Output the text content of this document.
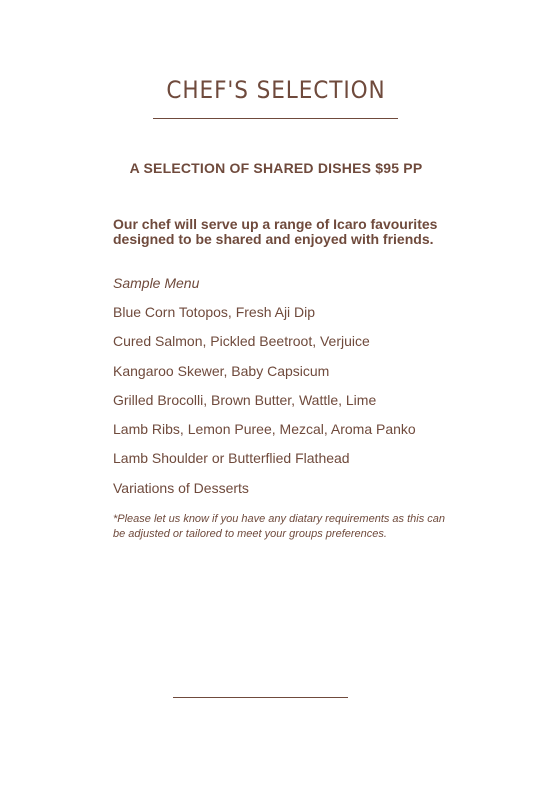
CHEF'S SELECTION
A SELECTION OF SHARED DISHES $95 PP

Our chef will serve up a range of Icaro favourites designed to be shared and enjoyed with friends.

Sample Menu

Blue Corn Totopos, Fresh Aji Dip
Cured Salmon, Pickled Beetroot, Verjuice
Kangaroo Skewer, Baby Capsicum
Grilled Brocolli, Brown Butter, Wattle, Lime
Lamb Ribs, Lemon Puree, Mezcal, Aroma Panko
Lamb Shoulder or Butterflied Flathead
Variations of Desserts

*Please let us know if you have any diatary requirements as this can be adjusted or tailored to meet your groups preferences.
